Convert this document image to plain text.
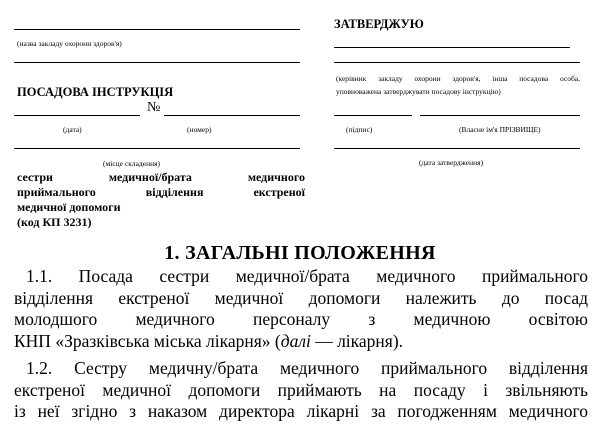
(назва закладу охорони здоров'я)
ПОСАДОВА ІНСТРУКЦІЯ
№
(дата)	(номер)
(місце складення)
сестри медичної/брата медичного
приймального відділення екстреної
медичної допомоги
(код КП 3231)
ЗАТВЕРДЖУЮ
(керівник закладу охорони здоров'я, інша посадова особа,
уповноважена затверджувати посадову інструкцію)
(підпис)	(Власне ім'я ПРІЗВИЩЕ)
(дата затвердження)
1. ЗАГАЛЬНІ ПОЛОЖЕННЯ
1.1. Посада сестри медичної/брата медичного приймального
відділення екстреної медичної допомоги належить до посад
молодшого медичного персоналу з медичною освітою
КНП «Зразківська міська лікарня» (далі — лікарня).
1.2. Сестру медичну/брата медичного приймального відділення
екстреної медичної допомоги приймають на посаду і звільняють
із неї згідно з наказом директора лікарні за погодженням медичного
